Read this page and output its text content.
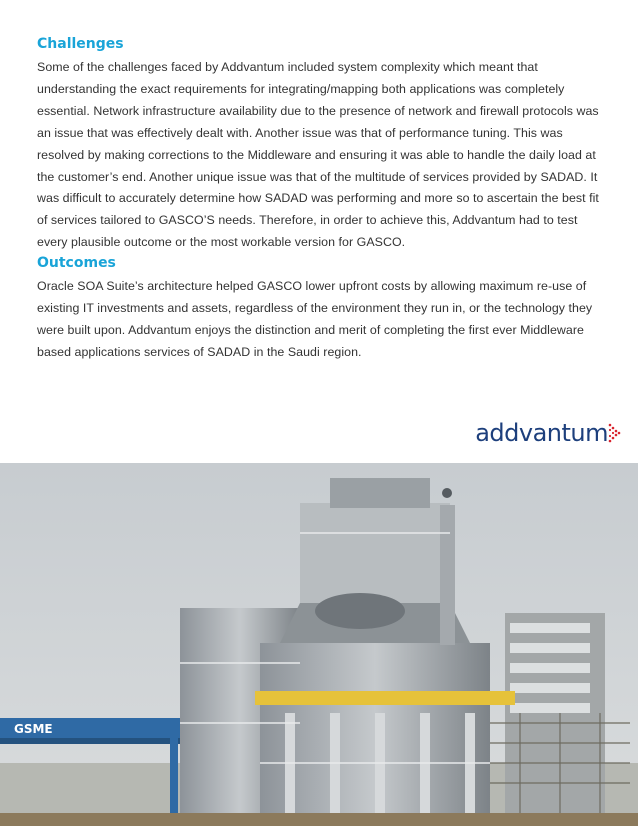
Challenges

Some of the challenges faced by Addvantum included system complexity which meant that understanding the exact requirements for integrating/mapping both applications was completely essential. Network infrastructure availability due to the presence of network and firewall protocols was an issue that was effectively dealt with. Another issue was that of performance tuning. This was resolved by making corrections to the Middleware and ensuring it was able to handle the daily load at the customer’s end. Another unique issue was that of the multitude of services provided by SADAD. It was difficult to accurately determine how SADAD was performing and more so to ascertain the best fit of services tailored to GASCO’S needs. Therefore, in order to achieve this, Addvantum had to test every plausible outcome or the most workable version for GASCO.

Outcomes

Oracle SOA Suite’s architecture helped GASCO lower upfront costs by allowing maximum re-use of existing IT investments and assets, regardless of the environment they run in, or the technology they were built upon. Addvantum enjoys the distinction and merit of completing the first ever Middleware based applications services of SADAD in the Saudi region.

addvantum
GSME
